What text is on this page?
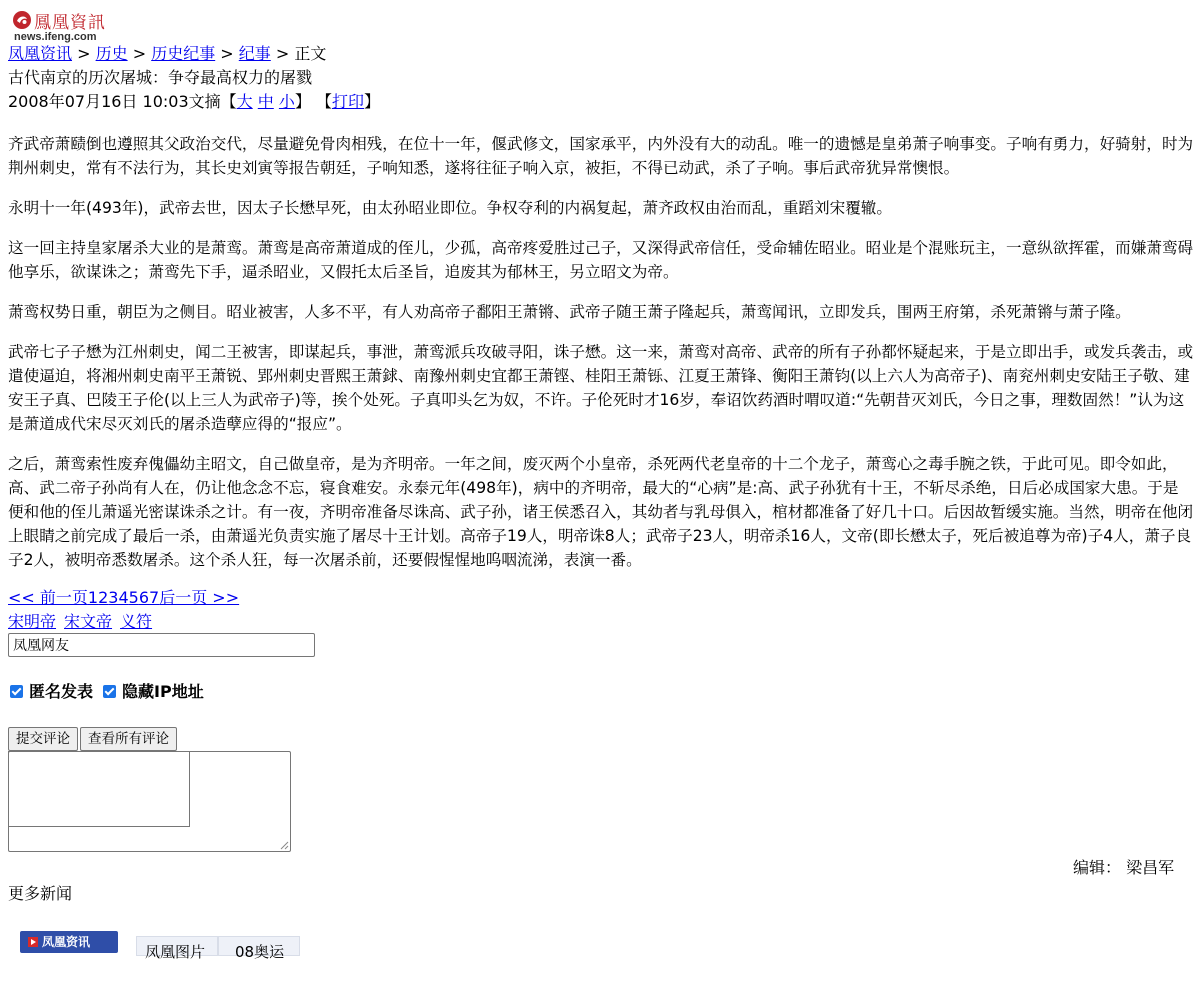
鳳凰資訊
news.ifeng.com
凤凰资讯 > 历史 > 历史纪事 > 纪事 > 正文
古代南京的历次屠城：争夺最高权力的屠戮
2008年07月16日 10:03文摘【大 中 小】 【打印】

齐武帝萧赜倒也遵照其父政治交代，尽量避免骨肉相残，在位十一年，偃武修文，国家承平，内外没有大的动乱。唯一的遗憾是皇弟萧子响事变。子响有勇力，好骑射，时为荆州刺史，常有不法行为，其长史刘寅等报告朝廷，子响知悉，遂将往征子响入京，被拒，不得已动武，杀了子响。事后武帝犹异常懊恨。

永明十一年(493年)，武帝去世，因太子长懋早死，由太孙昭业即位。争权夺利的内祸复起，萧齐政权由治而乱，重蹈刘宋覆辙。

这一回主持皇家屠杀大业的是萧鸾。萧鸾是高帝萧道成的侄儿，少孤，高帝疼爱胜过己子，又深得武帝信任，受命辅佐昭业。昭业是个混账玩主，一意纵欲挥霍，而嫌萧鸾碍他享乐，欲谋诛之；萧鸾先下手，逼杀昭业，又假托太后圣旨，追废其为郁林王，另立昭文为帝。

萧鸾权势日重，朝臣为之侧目。昭业被害，人多不平，有人劝高帝子鄱阳王萧锵、武帝子随王萧子隆起兵，萧鸾闻讯，立即发兵，围两王府第，杀死萧锵与萧子隆。

武帝七子子懋为江州刺史，闻二王被害，即谋起兵，事泄，萧鸾派兵攻破寻阳，诛子懋。这一来，萧鸾对高帝、武帝的所有子孙都怀疑起来，于是立即出手，或发兵袭击，或遣使逼迫，将湘州刺史南平王萧锐、郢州刺史晋熙王萧銶、南豫州刺史宜都王萧铿、桂阳王萧铄、江夏王萧锋、衡阳王萧钧(以上六人为高帝子)、南兖州刺史安陆王子敬、建安王子真、巴陵王子伦(以上三人为武帝子)等，挨个处死。子真叩头乞为奴，不许。子伦死时才16岁，奉诏饮药酒时喟叹道:“先朝昔灭刘氏，今日之事，理数固然！”认为这是萧道成代宋尽灭刘氏的屠杀造孽应得的“报应”。

之后，萧鸾索性废弃傀儡幼主昭文，自己做皇帝，是为齐明帝。一年之间，废灭两个小皇帝，杀死两代老皇帝的十二个龙子，萧鸾心之毒手腕之铁，于此可见。即令如此，高、武二帝子孙尚有人在，仍让他念念不忘，寝食难安。永泰元年(498年)，病中的齐明帝，最大的“心病”是:高、武子孙犹有十王，不斩尽杀绝，日后必成国家大患。于是便和他的侄儿萧遥光密谋诛杀之计。有一夜，齐明帝准备尽诛高、武子孙，诸王侯悉召入，其幼者与乳母俱入，棺材都准备了好几十口。后因故暂缓实施。当然，明帝在他闭上眼睛之前完成了最后一杀，由萧遥光负责实施了屠尽十王计划。高帝子19人，明帝诛8人；武帝子23人，明帝杀16人，文帝(即长懋太子，死后被追尊为帝)子4人，萧子良子2人，被明帝悉数屠杀。这个杀人狂，每一次屠杀前，还要假惺惺地呜咽流涕，表演一番。

<< 前一页1234567后一页 >>
宋明帝 宋文帝 义符
凤凰网友
匿名发表 隐藏IP地址
提交评论 查看所有评论
编辑： 梁昌军
更多新闻
凤凰资讯
凤凰图片	08奥运
